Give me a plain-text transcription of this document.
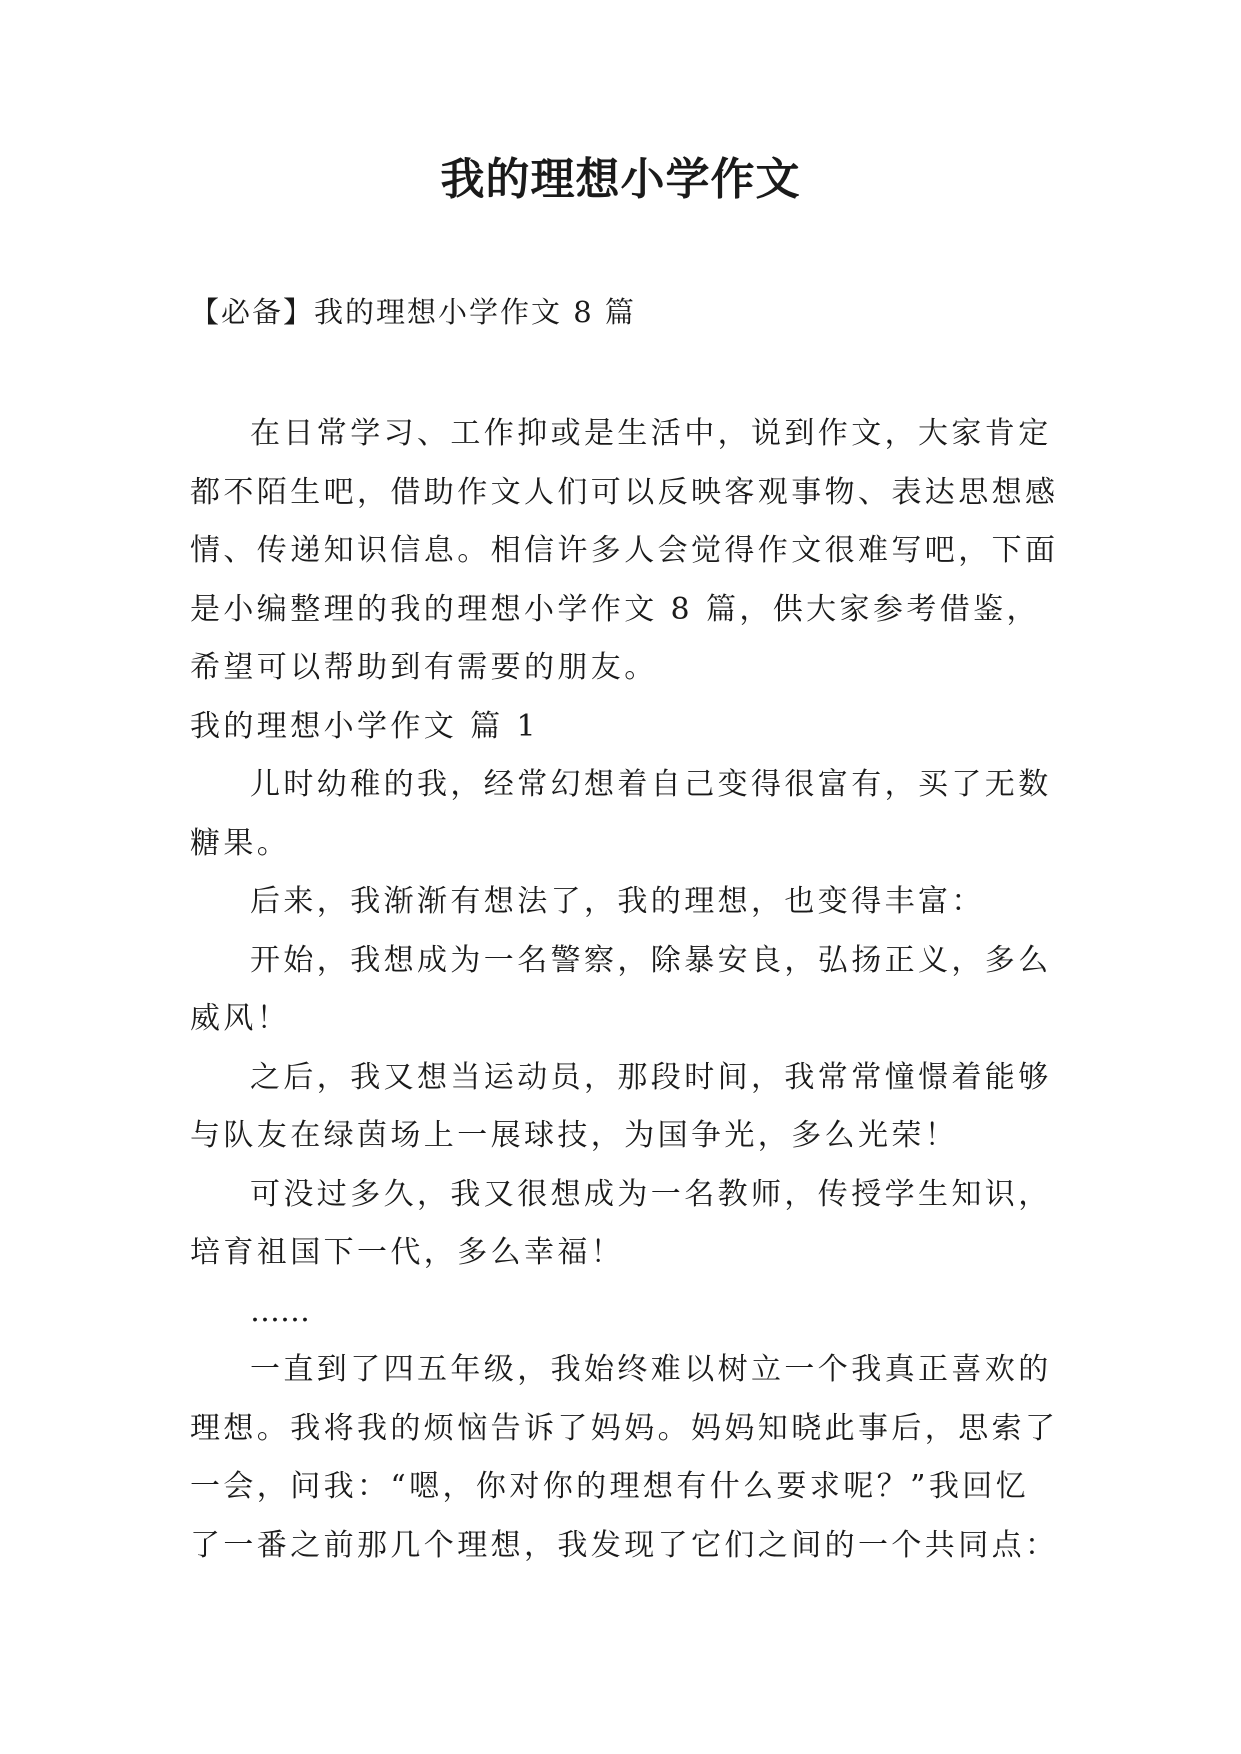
我的理想小学作文

【必备】我的理想小学作文 8 篇

在日常学习、工作抑或是生活中，说到作文，大家肯定都不陌生吧，借助作文人们可以反映客观事物、表达思想感情、传递知识信息。相信许多人会觉得作文很难写吧，下面是小编整理的我的理想小学作文 8 篇，供大家参考借鉴，希望可以帮助到有需要的朋友。

我的理想小学作文 篇 1

儿时幼稚的我，经常幻想着自己变得很富有，买了无数糖果。

后来，我渐渐有想法了，我的理想，也变得丰富：

开始，我想成为一名警察，除暴安良，弘扬正义，多么威风！

之后，我又想当运动员，那段时间，我常常憧憬着能够与队友在绿茵场上一展球技，为国争光，多么光荣！

可没过多久，我又很想成为一名教师，传授学生知识，培育祖国下一代，多么幸福！

……

一直到了四五年级，我始终难以树立一个我真正喜欢的理想。我将我的烦恼告诉了妈妈。妈妈知晓此事后，思索了一会，问我：“嗯，你对你的理想有什么要求呢？”我回忆了一番之前那几个理想，我发现了它们之间的一个共同点：
